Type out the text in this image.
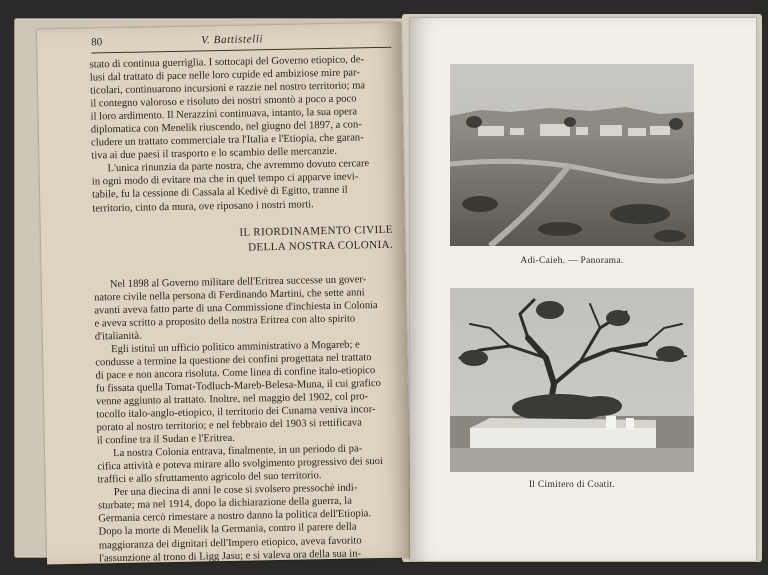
80	V. Battistelli
stato di continua guerriglia. I sottocapi del Governo etiopico, de-
lusi dal trattato di pace nelle loro cupide ed ambiziose mire par-
ticolari, continuarono incursioni e razzie nel nostro territorio; ma
il contegno valoroso e risoluto dei nostri smontò a poco a poco
il loro ardimento. Il Nerazzini continuava, intanto, la sua opera
diplomatica con Menelik riuscendo, nel giugno del 1897, a con-
cludere un trattato commerciale tra l'Italia e l'Etiopia, che garan-
tiva ai due paesi il trasporto e lo scambio delle mercanzie.
L'unica rinunzia da parte nostra, che avremmo dovuto cercare
in ogni modo di evitare ma che in quel tempo ci apparve inevi-
tabile, fu la cessione di Cassala al Kedivè di Egitto, tranne il
territorio, cinto da mura, ove riposano i nostri morti.
IL RIORDINAMENTO CIVILE
DELLA NOSTRA COLONIA.
Nel 1898 al Governo militare dell'Eritrea successe un gover-
natore civile nella persona di Ferdinando Martini, che sette anni
avanti aveva fatto parte di una Commissione d'inchiesta in Colonia
e aveva scritto a proposito della nostra Eritrea con alto spirito
d'italianità.
Egli istituì un ufficio politico amministrativo a Mogareb; e
condusse a termine la questione dei confini progettata nel trattato
di pace e non ancora risoluta. Come linea di confine italo-etiopico
fu fissata quella Tomat-Todluch-Mareb-Belesa-Muna, il cui grafico
venne aggiunto al trattato. Inoltre, nel maggio del 1902, col pro-
tocollo italo-anglo-etiopico, il territorio dei Cunama veniva incor-
porato al nostro territorio; e nel febbraio del 1903 si rettificava
il confine tra il Sudan e l'Eritrea.
La nostra Colonia entrava, finalmente, in un periodo di pa-
cifica attività e poteva mirare allo svolgimento progressivo dei suoi
traffici e allo sfruttamento agricolo del suo territorio.
Per una diecina di anni le cose si svolsero pressochè indi-
sturbate; ma nel 1914, dopo la dichiarazione della guerra, la
Germania cercò rimestare a nostro danno la politica dell'Etiopia.
Dopo la morte di Menelik la Germania, contro il parere della
maggioranza dei dignitari dell'Impero etiopico, aveva favorito
l'assunzione al trono di Ligg Jasu; e si valeva ora della sua in-
Adi-Caieh. — Panorama.
Il Cimitero di Coatit.
